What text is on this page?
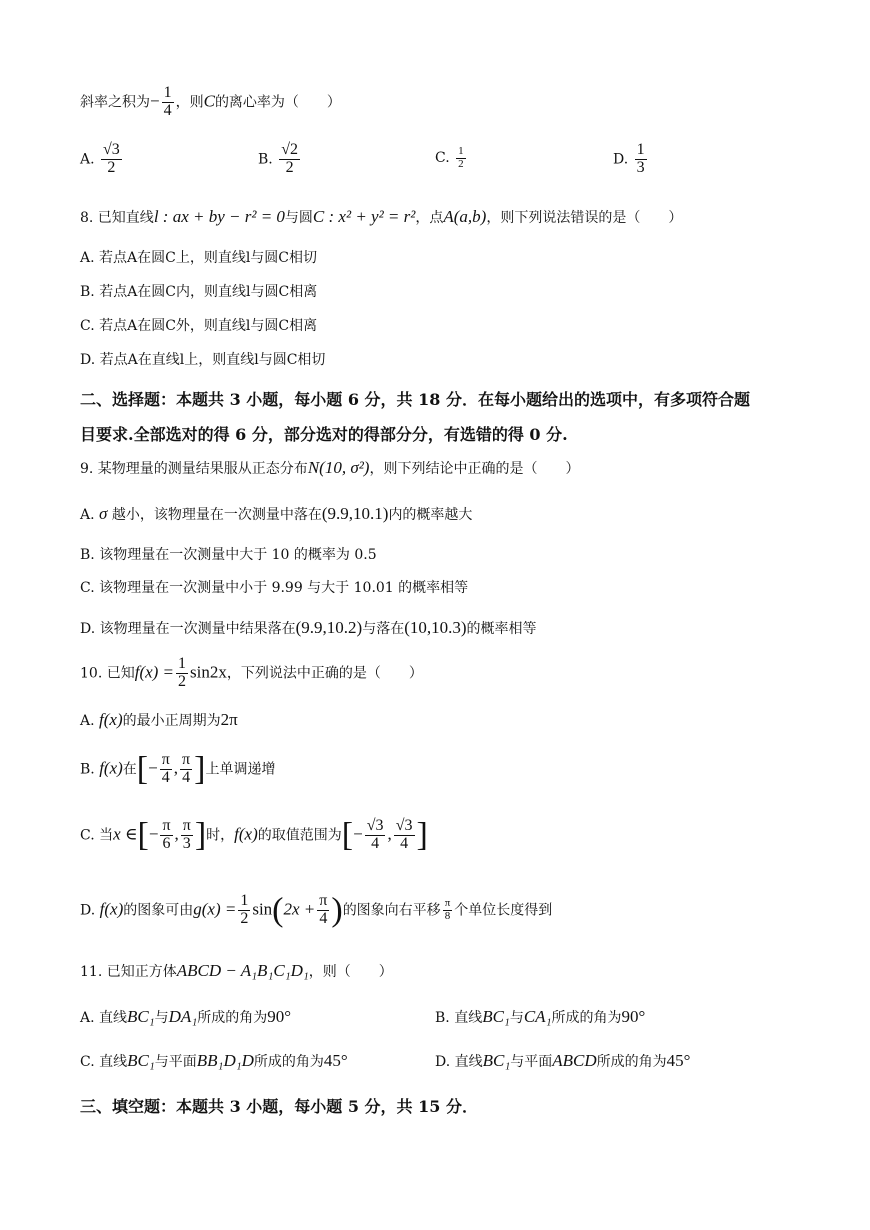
斜率之积为− $\frac{1}{4}$ ，则C的离心率为（　　）
A. $\frac{√3}{2}$	B. $\frac{√2}{2}$	C. $\frac{1}{2}$	D. $\frac{1}{3}$
8. 已知直线l : ax + by − r² = 0与圆C : x² + y² = r²，点A(a,b)，则下列说法错误的是（　　）
A. 若点A在圆C上，则直线l与圆C相切
B. 若点A在圆C内，则直线l与圆C相离
C. 若点A在圆C外，则直线l与圆C相离
D. 若点A在直线l上，则直线l与圆C相切
二、选择题：本题共 3 小题，每小题 6 分，共 18 分．在每小题给出的选项中，有多项符合题
目要求.全部选对的得 6 分，部分选对的得部分分，有选错的得 0 分.
9. 某物理量的测量结果服从正态分布N(10, σ²)，则下列结论中正确的是（　　）
A. σ 越小，该物理量在一次测量中落在(9.9,10.1)内的概率越大
B. 该物理量在一次测量中大于 10 的概率为 0.5
C. 该物理量在一次测量中小于 9.99 与大于 10.01 的概率相等
D. 该物理量在一次测量中结果落在(9.9,10.2)与落在(10,10.3)的概率相等
10. 已知$f(x) = \frac{1}{2} \sin 2x$，下列说法中正确的是（　　）
A. f(x)的最小正周期为2π
B. f(x)在[− $\frac{\pi}{4}$ , $\frac{\pi}{4}$ ]上单调递增
C. 当x ∈[− $\frac{\pi}{6}$ , $\frac{\pi}{3}$ ]时，f(x)的取值范围为[− $\frac{√3}{4}$ , $\frac{√3}{4}$ ]
D. f(x)的图象可由$g(x) = \frac{1}{2} \sin(2x + \frac{\pi}{4}$ )的图象向右平移 $\frac{\pi}{8}$ 个单位长度得到
11. 已知正方体ABCD − A₁B₁C₁D₁，则（　　）
A. 直线BC₁与DA₁所成的角为90°	B. 直线BC₁与CA₁所成的角为90°
C. 直线BC₁与平面BB₁D₁D所成的角为45°	D. 直线BC₁与平面ABCD所成的角为45°
三、填空题：本题共 3 小题，每小题 5 分，共 15 分．
